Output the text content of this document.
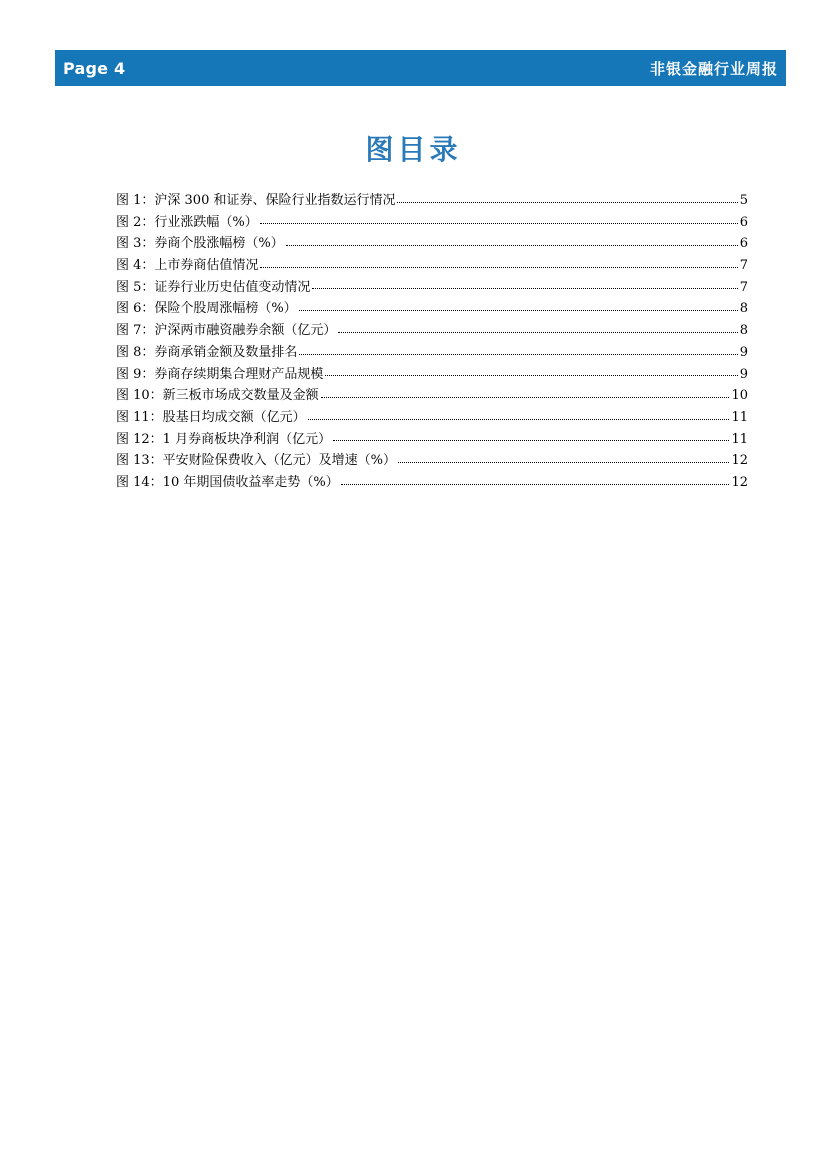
Page 4	非银金融行业周报
图目录
图 1：沪深 300 和证券、保险行业指数运行情况	5
图 2：行业涨跌幅（%）	6
图 3：券商个股涨幅榜（%）	6
图 4：上市券商估值情况	7
图 5：证券行业历史估值变动情况	7
图 6：保险个股周涨幅榜（%）	8
图 7：沪深两市融资融券余额（亿元）	8
图 8：券商承销金额及数量排名	9
图 9：券商存续期集合理财产品规模	9
图 10：新三板市场成交数量及金额	10
图 11：股基日均成交额（亿元）	11
图 12：1 月券商板块净利润（亿元）	11
图 13：平安财险保费收入（亿元）及增速（%）	12
图 14：10 年期国债收益率走势（%）	12
